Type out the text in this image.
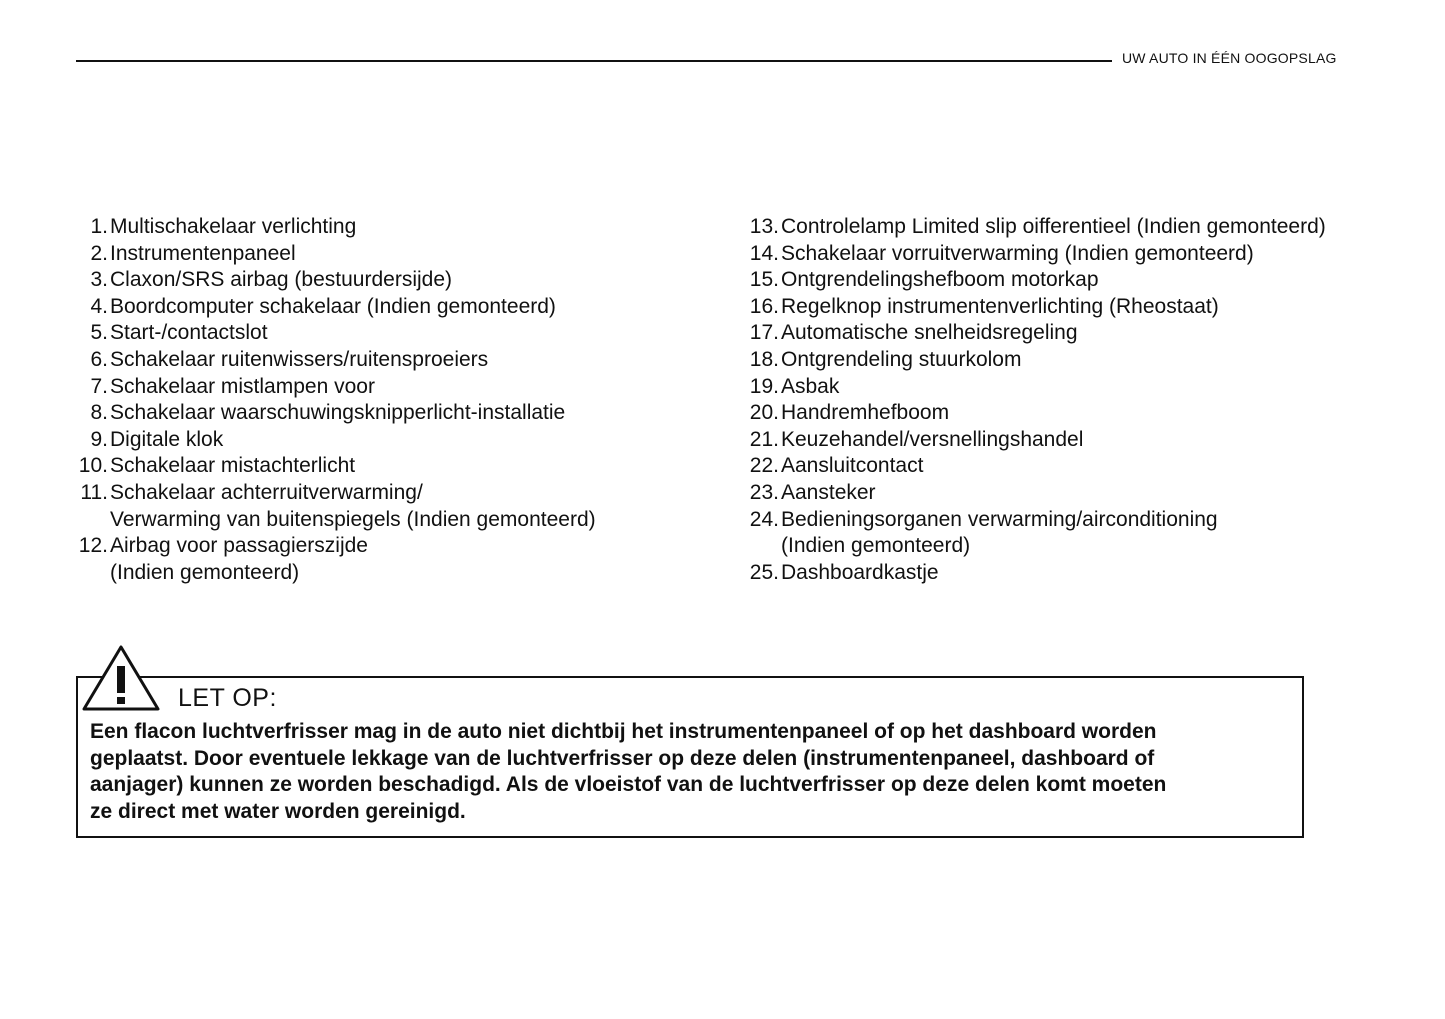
UW AUTO IN ÉÉN OOGOPSLAG
1. Multischakelaar verlichting
2. Instrumentenpaneel
3. Claxon/SRS airbag (bestuurdersijde)
4. Boordcomputer schakelaar (Indien gemonteerd)
5. Start-/contactslot
6. Schakelaar ruitenwissers/ruitensproeiers
7. Schakelaar mistlampen voor
8. Schakelaar waarschuwingsknipperlicht-installatie
9. Digitale klok
10. Schakelaar mistachterlicht
11. Schakelaar achterruitverwarming/
Verwarming van buitenspiegels (Indien gemonteerd)
12. Airbag voor passagierszijde
(Indien gemonteerd)
13. Controlelamp Limited slip oifferentieel (Indien gemonteerd)
14. Schakelaar vorruitverwarming (Indien gemonteerd)
15. Ontgrendelingshefboom motorkap
16. Regelknop instrumentenverlichting (Rheostaat)
17. Automatische snelheidsregeling
18. Ontgrendeling stuurkolom
19. Asbak
20. Handremhefboom
21. Keuzehandel/versnellingshandel
22. Aansluitcontact
23. Aansteker
24. Bedieningsorganen verwarming/airconditioning
(Indien gemonteerd)
25. Dashboardkastje
LET OP:

Een flacon luchtverfrisser mag in de auto niet dichtbij het instrumentenpaneel of op het dashboard worden
geplaatst. Door eventuele lekkage van de luchtverfrisser op deze delen (instrumentenpaneel, dashboard of
aanjager) kunnen ze worden beschadigd. Als de vloeistof van de luchtverfrisser op deze delen komt moeten
ze direct met water worden gereinigd.
